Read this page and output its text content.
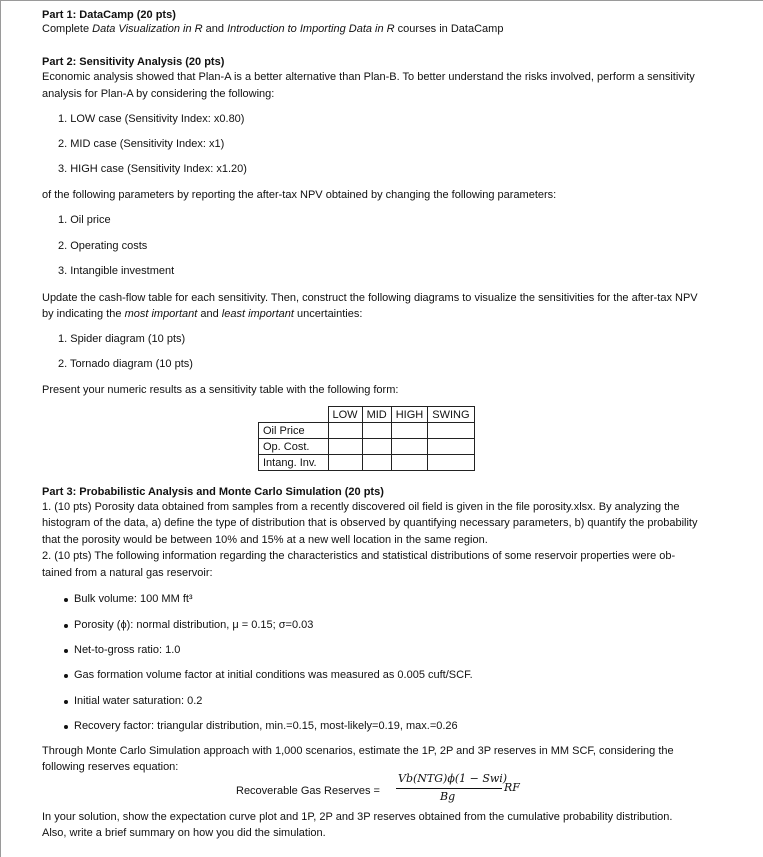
Part 1: DataCamp (20 pts)
Complete Data Visualization in R and Introduction to Importing Data in R courses in DataCamp
Part 2: Sensitivity Analysis (20 pts)
Economic analysis showed that Plan-A is a better alternative than Plan-B. To better understand the risks involved, perform a sensitivity
analysis for Plan-A by considering the following:
1. LOW case (Sensitivity Index: x0.80)
2. MID case (Sensitivity Index: x1)
3. HIGH case (Sensitivity Index: x1.20)
of the following parameters by reporting the after-tax NPV obtained by changing the following parameters:
1. Oil price
2. Operating costs
3. Intangible investment
Update the cash-flow table for each sensitivity. Then, construct the following diagrams to visualize the sensitivities for the after-tax NPV
by indicating the most important and least important uncertainties:
1. Spider diagram (10 pts)
2. Tornado diagram (10 pts)
Present your numeric results as a sensitivity table with the following form:
	LOW	MID	HIGH	SWING
Oil Price				
Op. Cost.				
Intang. Inv.				
Part 3: Probabilistic Analysis and Monte Carlo Simulation (20 pts)
1. (10 pts) Porosity data obtained from samples from a recently discovered oil field is given in the file porosity.xlsx. By analyzing the
histogram of the data, a) define the type of distribution that is observed by quantifying necessary parameters, b) quantify the probability
that the porosity would be between 10% and 15% at a new well location in the same region.
2. (10 pts) The following information regarding the characteristics and statistical distributions of some reservoir properties were ob-
tained from a natural gas reservoir:
Bulk volume: 100 MM ft³
Porosity (ϕ): normal distribution, μ = 0.15; σ=0.03
Net-to-gross ratio: 1.0
Gas formation volume factor at initial conditions was measured as 0.005 cuft/SCF.
Initial water saturation: 0.2
Recovery factor: triangular distribution, min.=0.15, most-likely=0.19, max.=0.26
Through Monte Carlo Simulation approach with 1,000 scenarios, estimate the 1P, 2P and 3P reserves in MM SCF, considering the
following reserves equation:
Recoverable Gas Reserves =
Vb(NTG)ϕ(1 − Swi)
Bg
RF
In your solution, show the expectation curve plot and 1P, 2P and 3P reserves obtained from the cumulative probability distribution.
Also, write a brief summary on how you did the simulation.
